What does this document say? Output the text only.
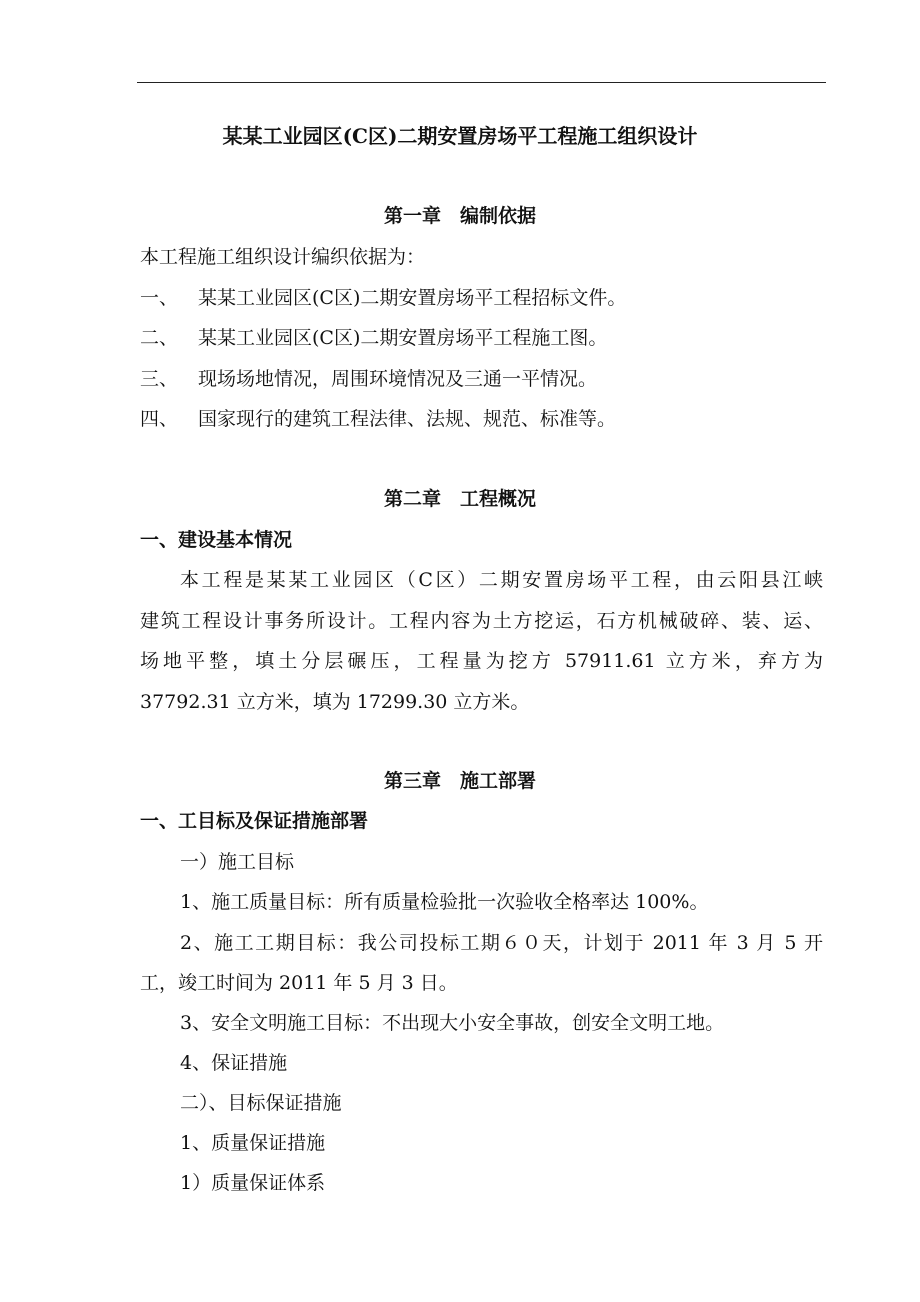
某某工业园区(C区)二期安置房场平工程施工组织设计
第一章　编制依据
本工程施工组织设计编织依据为：
一、 某某工业园区(C区)二期安置房场平工程招标文件。
二、 某某工业园区(C区)二期安置房场平工程施工图。
三、 现场场地情况，周围环境情况及三通一平情况。
四、 国家现行的建筑工程法律、法规、规范、标准等。
第二章　工程概况
一、建设基本情况
本工程是某某工业园区（C区）二期安置房场平工程，由云阳县江峡
建筑工程设计事务所设计。工程内容为土方挖运，石方机械破碎、装、运、
场地平整，填土分层碾压，工程量为挖方 57911.61 立方米，弃方为
37792.31 立方米，填为 17299.30 立方米。
第三章　施工部署
一、工目标及保证措施部署
一）施工目标
1、施工质量目标：所有质量检验批一次验收全格率达 100%。
2、施工工期目标：我公司投标工期６０天，计划于 2011 年 3 月 5 开
工，竣工时间为 2011 年 5 月 3 日。
3、安全文明施工目标：不出现大小安全事故，创安全文明工地。
4、保证措施
二）、目标保证措施
1、质量保证措施
1）质量保证体系
